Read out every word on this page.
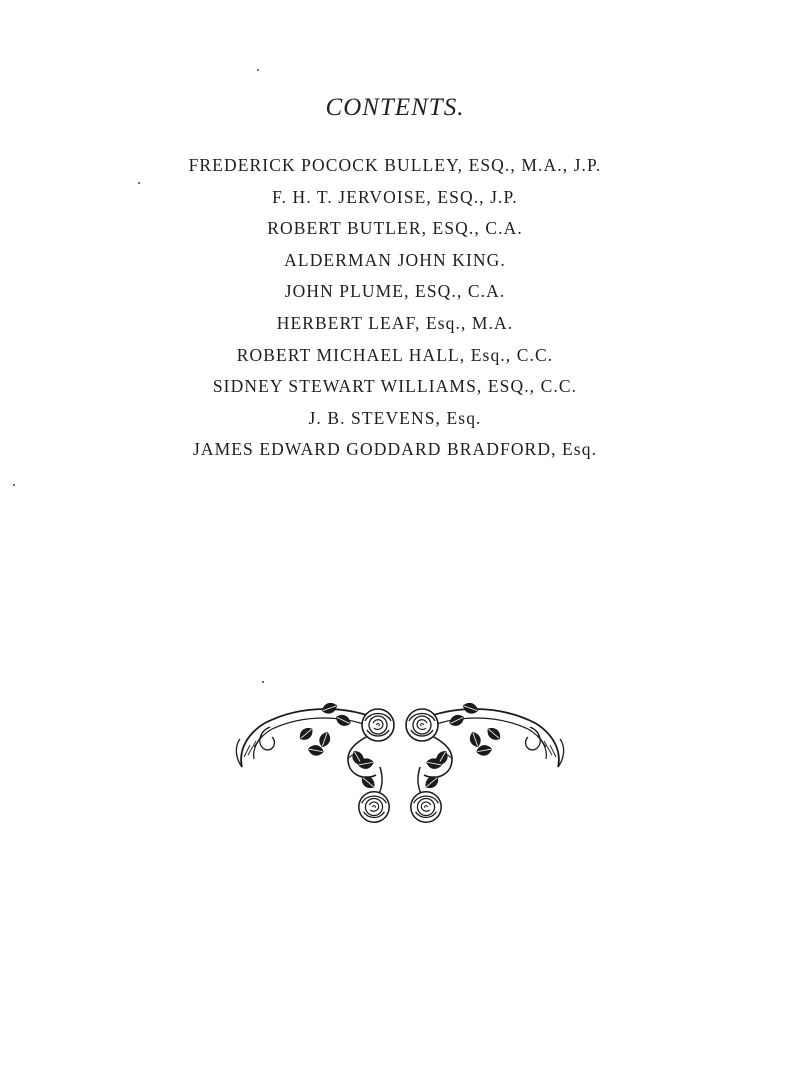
CONTENTS.
FREDERICK POCOCK BULLEY, ESQ., M.A., J.P.
F. H. T. JERVOISE, ESQ., J.P.
ROBERT BUTLER, ESQ., C.A.
ALDERMAN JOHN KING.
JOHN PLUME, ESQ., C.A.
HERBERT LEAF, Esq., M.A.
ROBERT MICHAEL HALL, Esq., C.C.
SIDNEY STEWART WILLIAMS, ESQ., C.C.
J. B. STEVENS, Esq.
JAMES EDWARD GODDARD BRADFORD, Esq.
